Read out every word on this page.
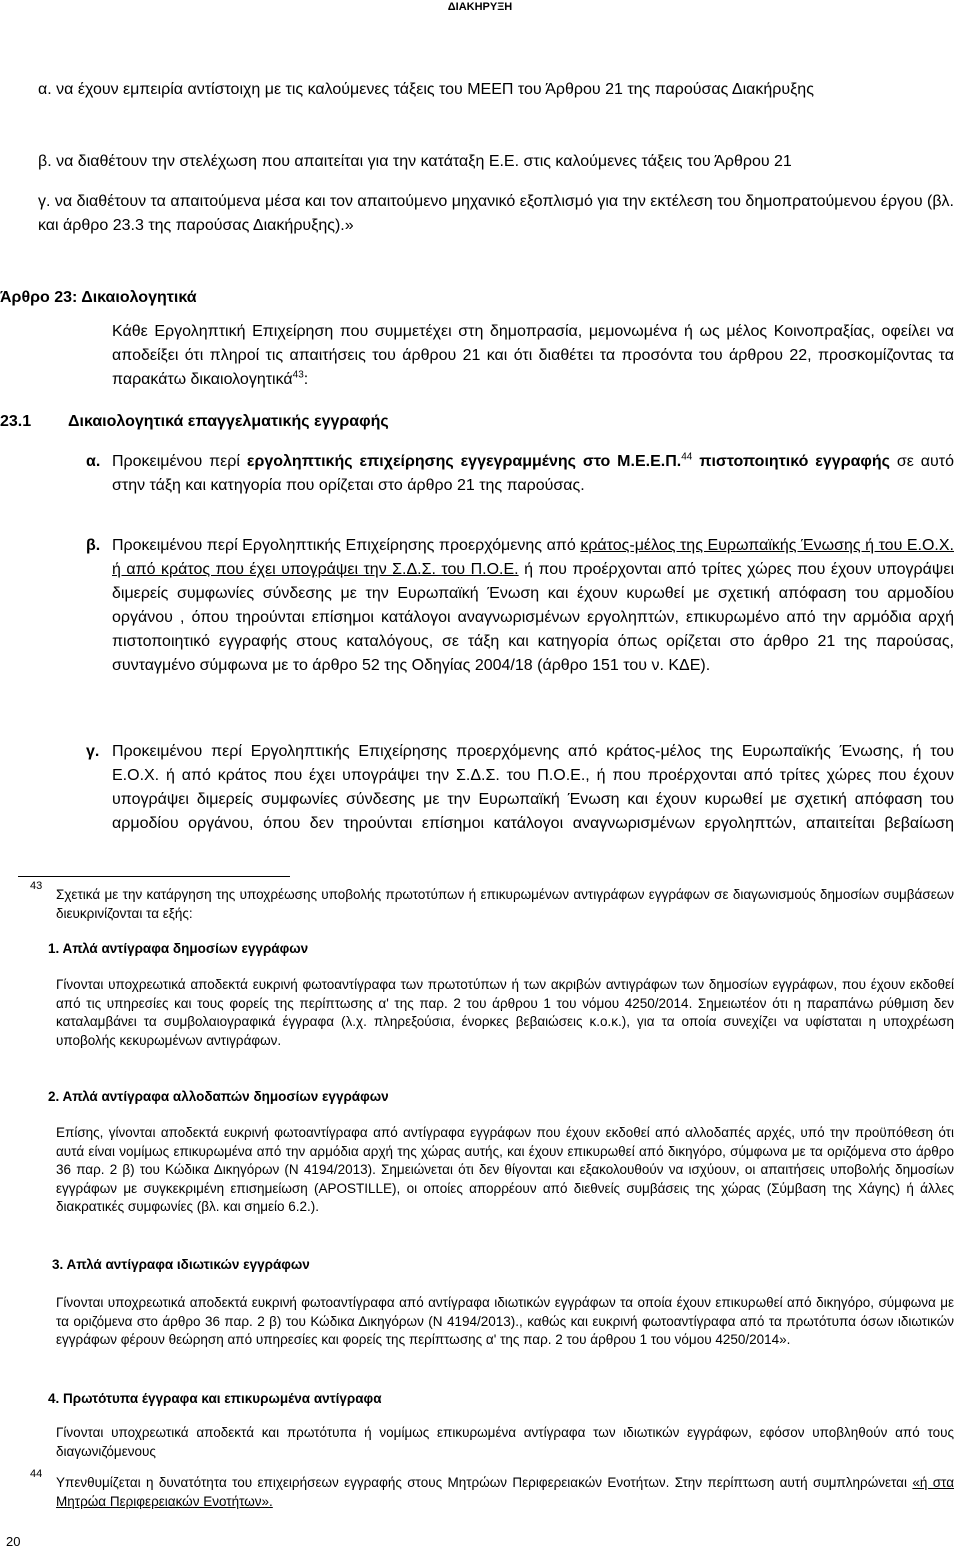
ΔΙΑΚΗΡΥΞΗ
α. να έχουν εμπειρία αντίστοιχη με τις καλούμενες τάξεις του ΜΕΕΠ του Άρθρου 21 της παρούσας Διακήρυξης
β. να διαθέτουν την στελέχωση που απαιτείται για την κατάταξη Ε.Ε. στις καλούμενες τάξεις του Άρθρου 21
γ. να διαθέτουν τα απαιτούμενα μέσα και τον απαιτούμενο μηχανικό εξοπλισμό για την εκτέλεση του δημοπρατούμενου έργου (βλ. και άρθρο 23.3 της παρούσας Διακήρυξης).»
Άρθρο 23: Δικαιολογητικά
Κάθε Εργοληπτική Επιχείρηση που συμμετέχει στη δημοπρασία, μεμονωμένα ή ως μέλος Κοινοπραξίας, οφείλει να αποδείξει ότι πληροί τις απαιτήσεις του άρθρου 21 και ότι διαθέτει τα προσόντα του άρθρου 22, προσκομίζοντας τα παρακάτω δικαιολογητικά$^{43}$:
23.1	Δικαιολογητικά επαγγελματικής εγγραφής
α. Προκειμένου περί εργοληπτικής επιχείρησης εγγεγραμμένης στο Μ.Ε.Ε.Π.$^{44}$ πιστοποιητικό εγγραφής σε αυτό στην τάξη και κατηγορία που ορίζεται στο άρθρο 21 της παρούσας.
β. Προκειμένου περί Εργοληπτικής Επιχείρησης προερχόμενης από κράτος-μέλος της Ευρωπαϊκής Ένωσης ή του Ε.Ο.Χ. ή από κράτος που έχει υπογράψει την Σ.Δ.Σ. του Π.Ο.Ε. ή που προέρχονται από τρίτες χώρες που έχουν υπογράψει διμερείς συμφωνίες σύνδεσης με την Ευρωπαϊκή Ένωση και έχουν κυρωθεί με σχετική απόφαση του αρμοδίου οργάνου , όπου τηρούνται επίσημοι κατάλογοι αναγνωρισμένων εργοληπτών, επικυρωμένο από την αρμόδια αρχή πιστοποιητικό εγγραφής στους καταλόγους, σε τάξη και κατηγορία όπως ορίζεται στο άρθρο 21 της παρούσας, συνταγμένο σύμφωνα με το άρθρο 52 της Οδηγίας 2004/18 (άρθρο 151 του ν. ΚΔΕ).
γ. Προκειμένου περί Εργοληπτικής Επιχείρησης προερχόμενης από κράτος-μέλος της Ευρωπαϊκής Ένωσης, ή του Ε.Ο.Χ. ή από κράτος που έχει υπογράψει την Σ.Δ.Σ. του Π.Ο.Ε., ή που προέρχονται από τρίτες χώρες που έχουν υπογράψει διμερείς συμφωνίες σύνδεσης με την Ευρωπαϊκή Ένωση και έχουν κυρωθεί με σχετική απόφαση του αρμοδίου οργάνου, όπου δεν τηρούνται επίσημοι κατάλογοι αναγνωρισμένων εργοληπτών, απαιτείται βεβαίωση
43
Σχετικά με την κατάργηση της υποχρέωσης υποβολής πρωτοτύπων ή επικυρωμένων αντιγράφων εγγράφων σε διαγωνισμούς δημοσίων συμβάσεων διευκρινίζονται τα εξής:
1. Απλά αντίγραφα δημοσίων εγγράφων
Γίνονται υποχρεωτικά αποδεκτά ευκρινή φωτοαντίγραφα των πρωτοτύπων ή των ακριβών αντιγράφων των δημοσίων εγγράφων, που έχουν εκδοθεί από τις υπηρεσίες και τους φορείς της περίπτωσης α' της παρ. 2 του άρθρου 1 του νόμου 4250/2014. Σημειωτέον ότι η παραπάνω ρύθμιση δεν καταλαμβάνει τα συμβολαιογραφικά έγγραφα (λ.χ. πληρεξούσια, ένορκες βεβαιώσεις κ.ο.κ.), για τα οποία συνεχίζει να υφίσταται η υποχρέωση υποβολής κεκυρωμένων αντιγράφων.
2. Απλά αντίγραφα αλλοδαπών δημοσίων εγγράφων
Επίσης, γίνονται αποδεκτά ευκρινή φωτοαντίγραφα από αντίγραφα εγγράφων που έχουν εκδοθεί από αλλοδαπές αρχές, υπό την προϋπόθεση ότι αυτά είναι νομίμως επικυρωμένα από την αρμόδια αρχή της χώρας αυτής, και έχουν επικυρωθεί από δικηγόρο, σύμφωνα με τα οριζόμενα στο άρθρο 36 παρ. 2 β) του Κώδικα Δικηγόρων (Ν 4194/2013). Σημειώνεται ότι δεν θίγονται και εξακολουθούν να ισχύουν, οι απαιτήσεις υποβολής δημοσίων εγγράφων με συγκεκριμένη επισημείωση (APOSTILLE), οι οποίες απορρέουν από διεθνείς συμβάσεις της χώρας (Σύμβαση της Χάγης) ή άλλες διακρατικές συμφωνίες (βλ. και σημείο 6.2.).
3. Απλά αντίγραφα ιδιωτικών εγγράφων
Γίνονται υποχρεωτικά αποδεκτά ευκρινή φωτοαντίγραφα από αντίγραφα ιδιωτικών εγγράφων τα οποία έχουν επικυρωθεί από δικηγόρο, σύμφωνα με τα οριζόμενα στο άρθρο 36 παρ. 2 β) του Κώδικα Δικηγόρων (Ν 4194/2013)., καθώς και ευκρινή φωτοαντίγραφα από τα πρωτότυπα όσων ιδιωτικών εγγράφων φέρουν θεώρηση από υπηρεσίες και φορείς της περίπτωσης α' της παρ. 2 του άρθρου 1 του νόμου 4250/2014».
4. Πρωτότυπα έγγραφα και επικυρωμένα αντίγραφα
Γίνονται υποχρεωτικά αποδεκτά και πρωτότυπα ή νομίμως επικυρωμένα αντίγραφα των ιδιωτικών εγγράφων, εφόσον υποβληθούν από τους διαγωνιζόμενους
44
Υπενθυμίζεται η δυνατότητα του επιχειρήσεων εγγραφής στους Μητρώων Περιφερειακών Ενοτήτων. Στην περίπτωση αυτή συμπληρώνεται «ή στα Μητρώα Περιφερειακών Ενοτήτων».
20
